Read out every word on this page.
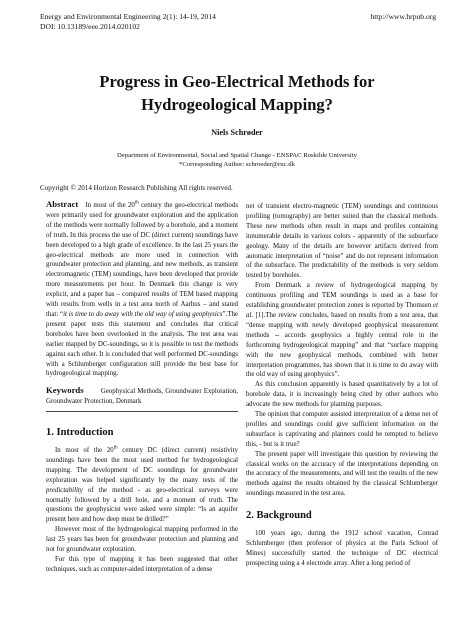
Energy and Environmental Engineering 2(1): 14-19, 2014
DOI: 10.13189/eee.2014.020102
http://www.hrpub.org
Progress in Geo-Electrical Methods for
Hydrogeological Mapping?
Niels Schrøder
Department of Environmental, Social and Spatial Change - ENSPAC Roskilde University
*Corresponding Author: schroeder@ruc.dk
Copyright © 2014 Horizon Research Publishing All rights reserved.

Abstract In most of the 20th century the geo-electrical methods were primarily used for groundwater exploration and the application of the methods were normally followed by a borehole, and a moment of truth. In this process the use of DC (direct current) soundings have been developed to a high grade of excellence. In the last 25 years the geo-electrical methods are more used in connection with groundwater protection and planning, and new methods, as transient electromagnetic (TEM) soundings, have been developed that provide more measurements per hour. In Denmark this change is very explicit, and a paper has – compared results of TEM based mapping with results from wells in a test area north of Aarhus – and stated that: “it is time to do away with the old way of using geophysics”.The present paper tests this statement and concludes that critical boreholes have been overlooked in the analysis. The test area was earlier mapped by DC-soundings, so it is possible to test the methods against each other. It is concluded that well performed DC-soundings with a Schlumberger configuration still provide the best base for hydrogeological mapping.

Keywords Geophysical Methods, Groundwater Exploration, Groundwater Protection, Denmark

1. Introduction

In most of the 20th century DC (direct current) resistivity soundings have been the most used method for hydrogeological mapping. The development of DC soundings for groundwater exploration was helped significantly by the many tests of the predictability of the method - as geo-electrical surveys were normally followed by a drill hole, and a moment of truth. The questions the geophysicist were asked were simple: “Is an aquifer present here and how deep must be drilled?”

However most of the hydrogeological mapping performed in the last 25 years has been for groundwater protection and planning and not for groundwater exploration.

For this type of mapping it has been suggested that other techniques, such as computer-aided interpretation of a dense

net of transient electro-magnetic (TEM) soundings and continuous profiling (tomography) are better suited than the classical methods. These new methods often result in maps and profiles containing innumerable details in various colors - apparently of the subsurface geology. Many of the details are however artifacts derived from automatic interpretation of “noise” and do not represent information of the subsurface. The predictability of the methods is very seldom tested by boreholes.

From Denmark a review of hydrogeological mapping by continuous profiling and TEM soundings is used as a base for establishing groundwater protection zones is reported by Thomsen et al. [1].The review concludes, based on results from a test area, that “dense mapping with newly developed geophysical measurement methods -- accords geophysics a highly central role in the forthcoming hydrogeological mapping” and that “surface mapping with the new geophysical methods, combined with better interpretation programmes, has shown that it is time to do away with the old way of using geophysics”.

As this conclusion apparently is based quantitatively by a lot of borehole data, it is increasingly being cited by other authors who advocate the new methods for planning purposes.

The opinion that computer assisted interpretation of a dense net of profiles and soundings could give sufficient information on the subsurface is captivating and planners could be tempted to believe this, - but is it true?

The present paper will investigate this question by reviewing the classical works on the accuracy of the interpretations depending on the accuracy of the measurements, and will test the results of the new methods against the results obtained by the classical Schlumberger soundings measured in the test area.

2. Background

100 years ago, during the 1912 school vacation, Conrad Schlumberger (then professor of physics at the Paris School of Mines) successfully started the technique of DC electrical prospecting using a 4 electrode array. After a long period of
